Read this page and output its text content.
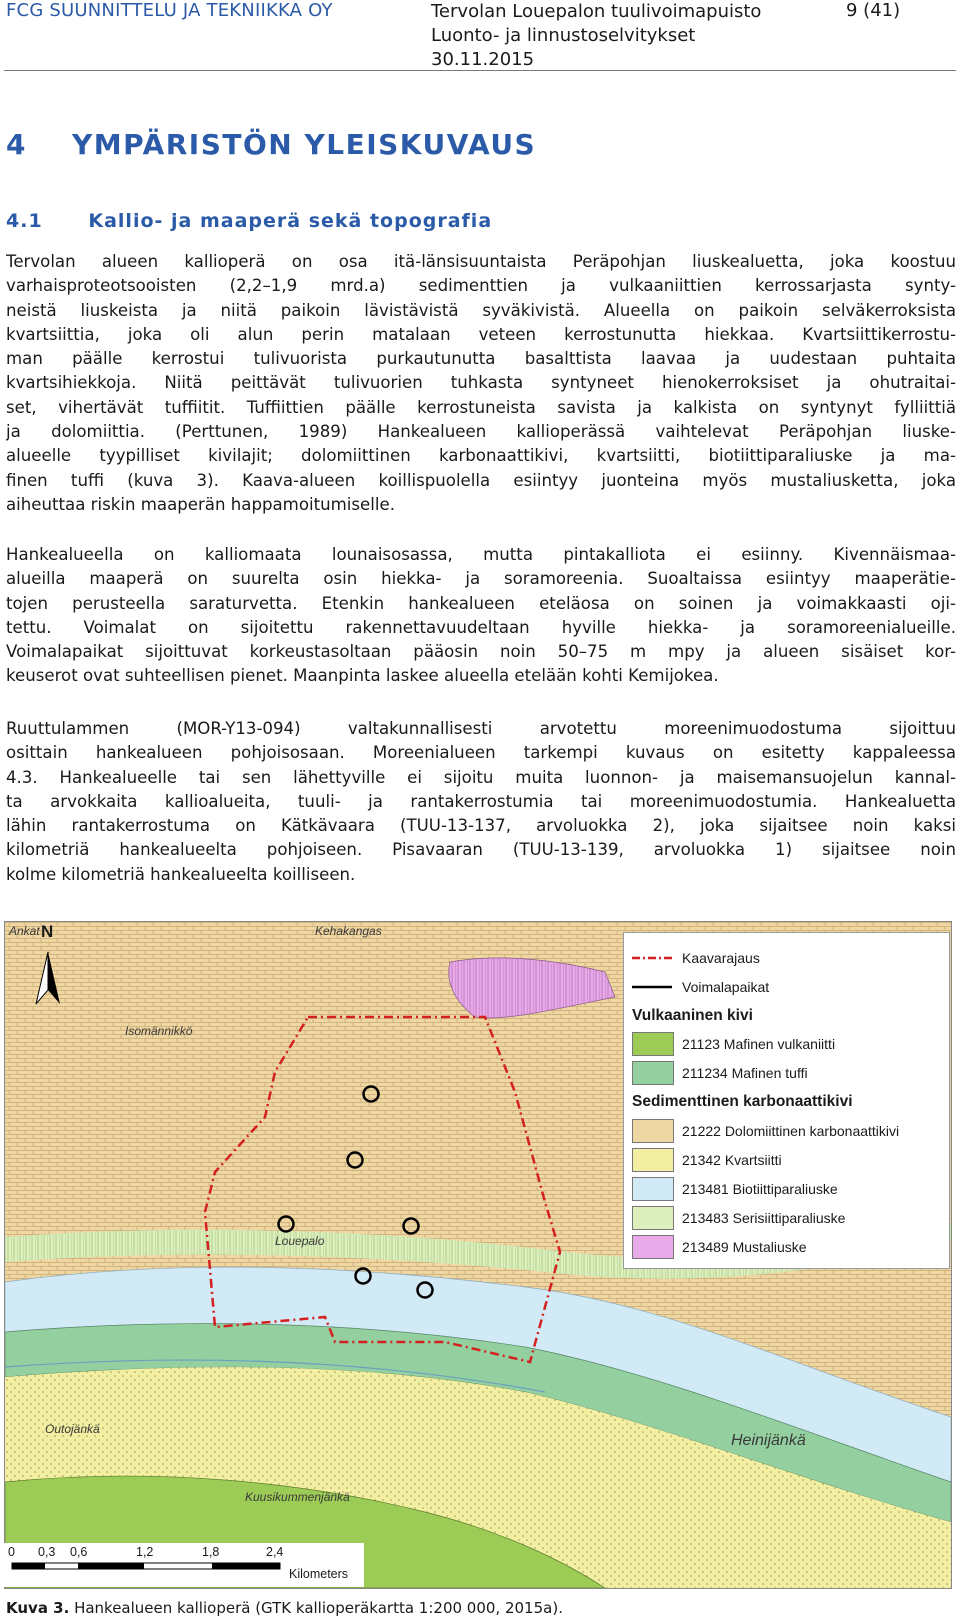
FCG SUUNNITTELU JA TEKNIIKKA OY	Tervolan Louepalon tuulivoimapuisto
Luonto- ja linnustoselvitykset
30.11.2015
9 (41)
4 YMPÄRISTÖN YLEISKUVAUS
4.1 Kallio- ja maaperä sekä topografia
Tervolan alueen kallioperä on osa itä-länsisuuntaista Peräpohjan liuskealuetta, joka koostuu
varhaisproteotsooisten (2,2–1,9 mrd.a) sedimenttien ja vulkaaniittien kerrossarjasta synty-
neistä liuskeista ja niitä paikoin lävistävistä syväkivistä. Alueella on paikoin selväkerroksista
kvartsiittia, joka oli alun perin matalaan veteen kerrostunutta hiekkaa. Kvartsiittikerrostu-
man päälle kerrostui tulivuorista purkautunutta basalttista laavaa ja uudestaan puhtaita
kvartsihiekkoja. Niitä peittävät tulivuorien tuhkasta syntyneet hienokerroksiset ja ohutraitai-
set, vihertävät tuffiitit. Tuffiittien päälle kerrostuneista savista ja kalkista on syntynyt fylliittiä
ja dolomiittia. (Perttunen, 1989) Hankealueen kallioperässä vaihtelevat Peräpohjan liuske-
alueelle tyypilliset kivilajit; dolomiittinen karbonaattikivi, kvartsiitti, biotiittiparaliuske ja ma-
finen tuffi (kuva 3). Kaava-alueen koillispuolella esiintyy juonteina myös mustaliusketta, joka
aiheuttaa riskin maaperän happamoitumiselle.
Hankealueella on kalliomaata lounaisosassa, mutta pintakalliota ei esiinny. Kivennäismaa-
alueilla maaperä on suurelta osin hiekka- ja soramoreenia. Suoaltaissa esiintyy maaperätie-
tojen perusteella saraturvetta. Etenkin hankealueen eteläosa on soinen ja voimakkaasti oji-
tettu. Voimalat on sijoitettu rakennettavuudeltaan hyville hiekka- ja soramoreenialueille.
Voimalapaikat sijoittuvat korkeustasoltaan pääosin noin 50–75 m mpy ja alueen sisäiset kor-
keuserot ovat suhteellisen pienet. Maanpinta laskee alueella etelään kohti Kemijokea.
Ruuttulammen (MOR-Y13-094) valtakunnallisesti arvotettu moreenimuodostuma sijoittuu
osittain hankealueen pohjoisosaan. Moreenialueen tarkempi kuvaus on esitetty kappaleessa
4.3. Hankealueelle tai sen lähettyville ei sijoitu muita luonnon- ja maisemansuojelun kannal-
ta arvokkaita kallioalueita, tuuli- ja rantakerrostumia tai moreenimuodostumia. Hankealuetta
lähin rantakerrostuma on Kätkävaara (TUU-13-137, arvoluokka 2), joka sijaitsee noin kaksi
kilometriä hankealueelta pohjoiseen. Pisavaaran (TUU-13-139, arvoluokka 1) sijaitsee noin
kolme kilometriä hankealueelta koilliseen.
N
Ankat	Kehakangas
Isomännikkö
Louepalo
Outojänkä
Heinijänkä
Kuusikummenjänkä
Kaavarajaus
Voimalapaikat
Vulkaaninen kivi
21123 Mafinen vulkaniitti
211234 Mafinen tuffi
Sedimenttinen karbonaattikivi
21222 Dolomiittinen karbonaattikivi
21342 Kvartsiitti
213481 Biotiittiparaliuske
213483 Serisiittiparaliuske
213489 Mustaliuske
0 0,3 0,6	1,2	1,8	2,4
Kilometers
Kuva 3. Hankealueen kallioperä (GTK kallioperäkartta 1:200 000, 2015a).
